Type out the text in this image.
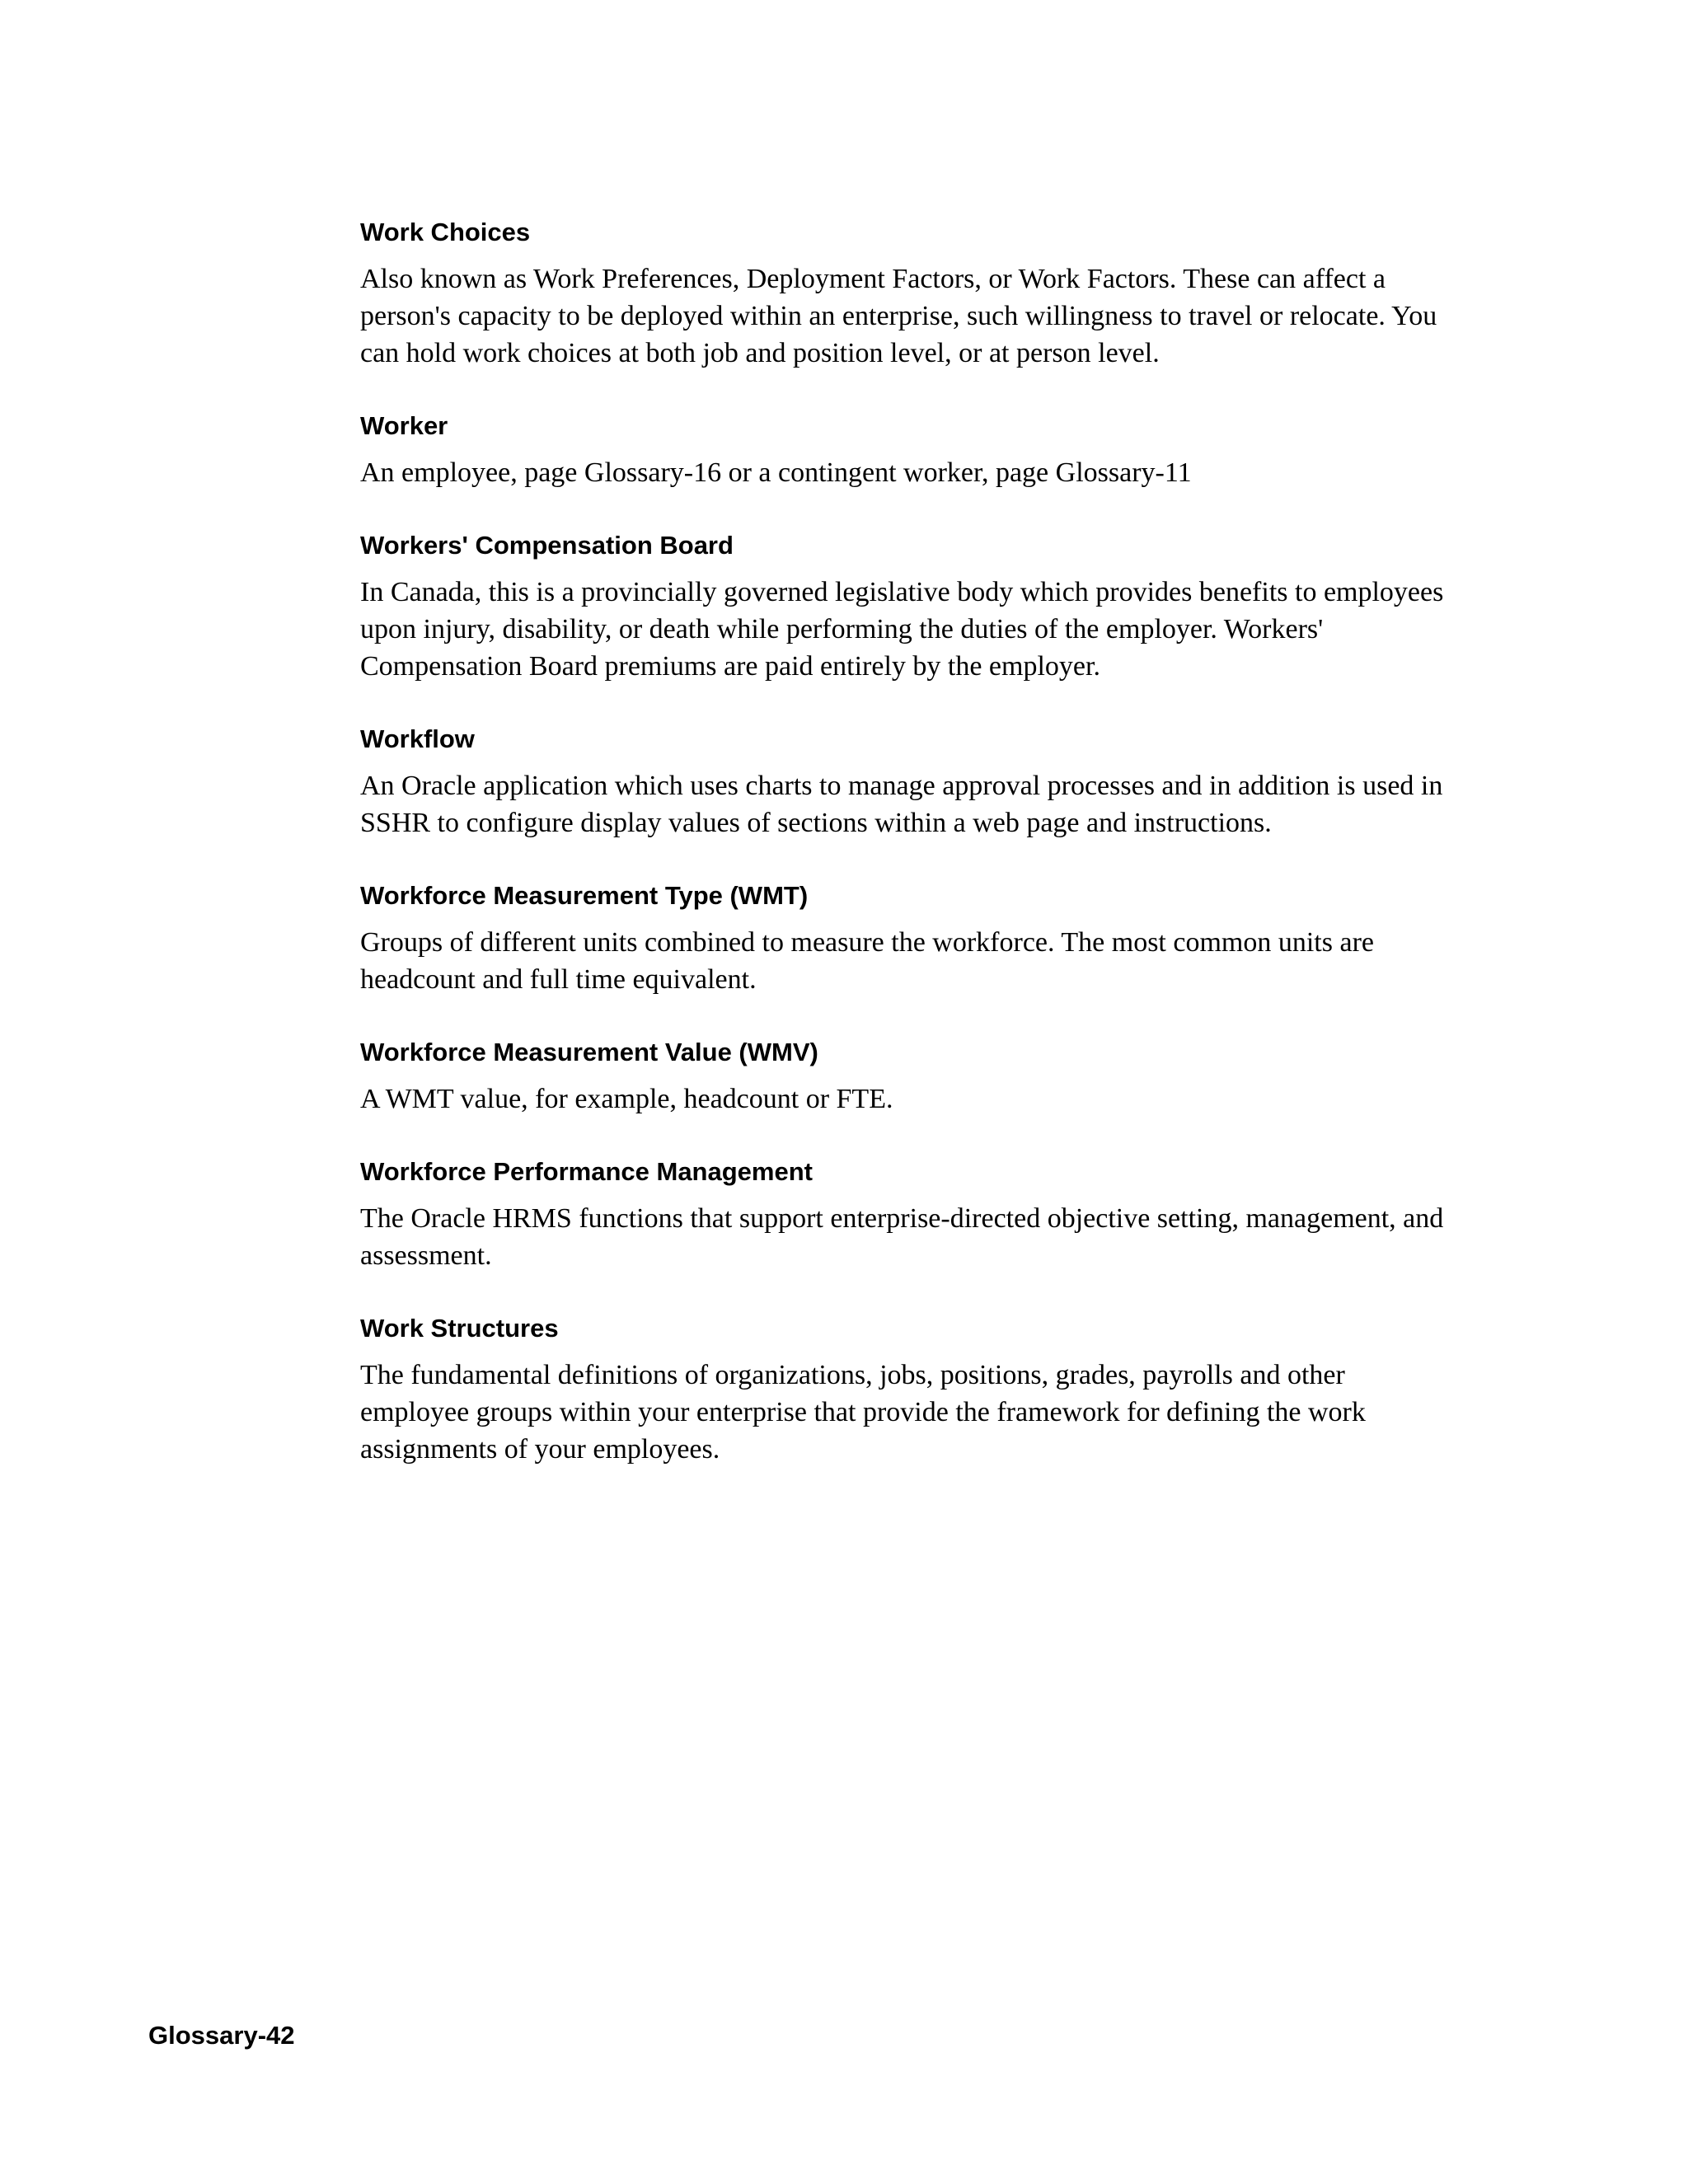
Work Choices

Also known as Work Preferences, Deployment Factors, or Work Factors. These can affect a person's capacity to be deployed within an enterprise, such willingness to travel or relocate. You can hold work choices at both job and position level, or at person level.

Worker

An employee, page Glossary-16 or a contingent worker, page Glossary-11

Workers' Compensation Board

In Canada, this is a provincially governed legislative body which provides benefits to employees upon injury, disability, or death while performing the duties of the employer. Workers' Compensation Board premiums are paid entirely by the employer.

Workflow

An Oracle application which uses charts to manage approval processes and in addition is used in SSHR to configure display values of sections within a web page and instructions.

Workforce Measurement Type (WMT)

Groups of different units combined to measure the workforce. The most common units are headcount and full time equivalent.

Workforce Measurement Value (WMV)

A WMT value, for example, headcount or FTE.

Workforce Performance Management

The Oracle HRMS functions that support enterprise-directed objective setting, management, and assessment.

Work Structures

The fundamental definitions of organizations, jobs, positions, grades, payrolls and other employee groups within your enterprise that provide the framework for defining the work assignments of your employees.

Glossary-42
